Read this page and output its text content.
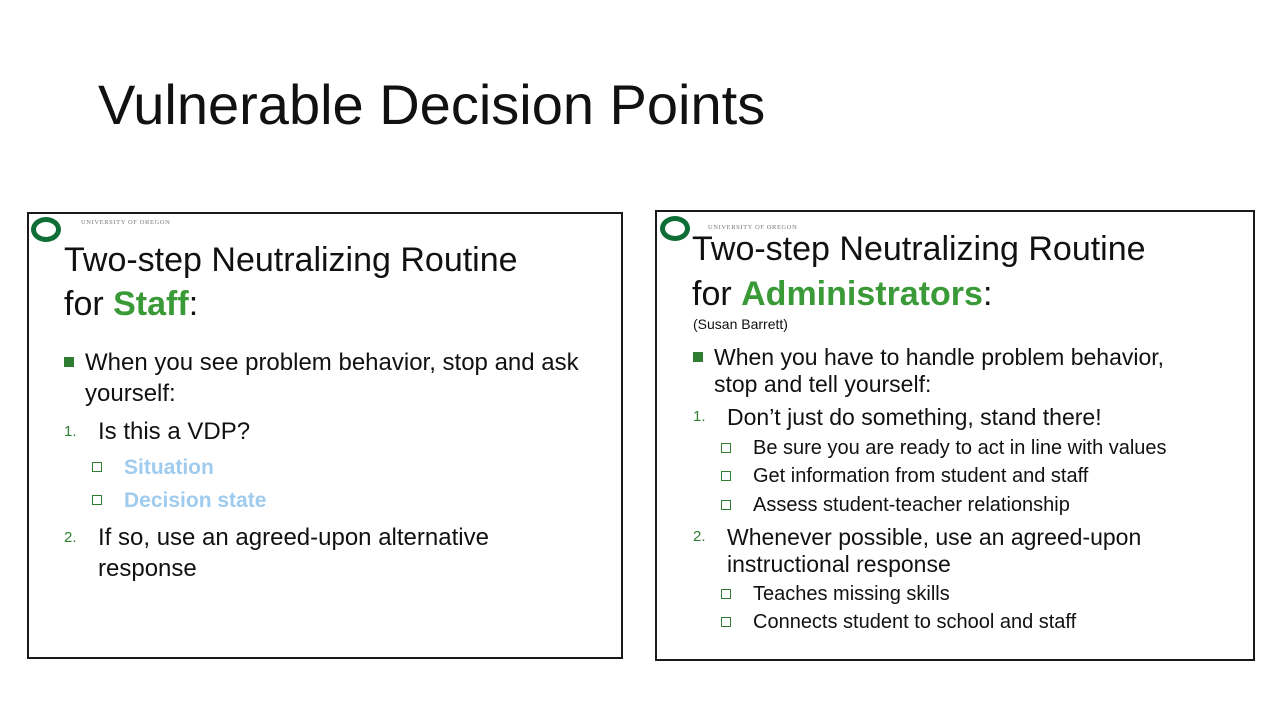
Vulnerable Decision Points
UNIVERSITY OF OREGON
Two-step Neutralizing Routine
for Staff:
When you see problem behavior, stop and ask yourself:
1. Is this a VDP?
Situation
Decision state
2. If so, use an agreed-upon alternative response
UNIVERSITY OF OREGON
Two-step Neutralizing Routine
for Administrators:
(Susan Barrett)
When you have to handle problem behavior, stop and tell yourself:
1. Don’t just do something, stand there!
Be sure you are ready to act in line with values
Get information from student and staff
Assess student-teacher relationship
2. Whenever possible, use an agreed-upon instructional response
Teaches missing skills
Connects student to school and staff
